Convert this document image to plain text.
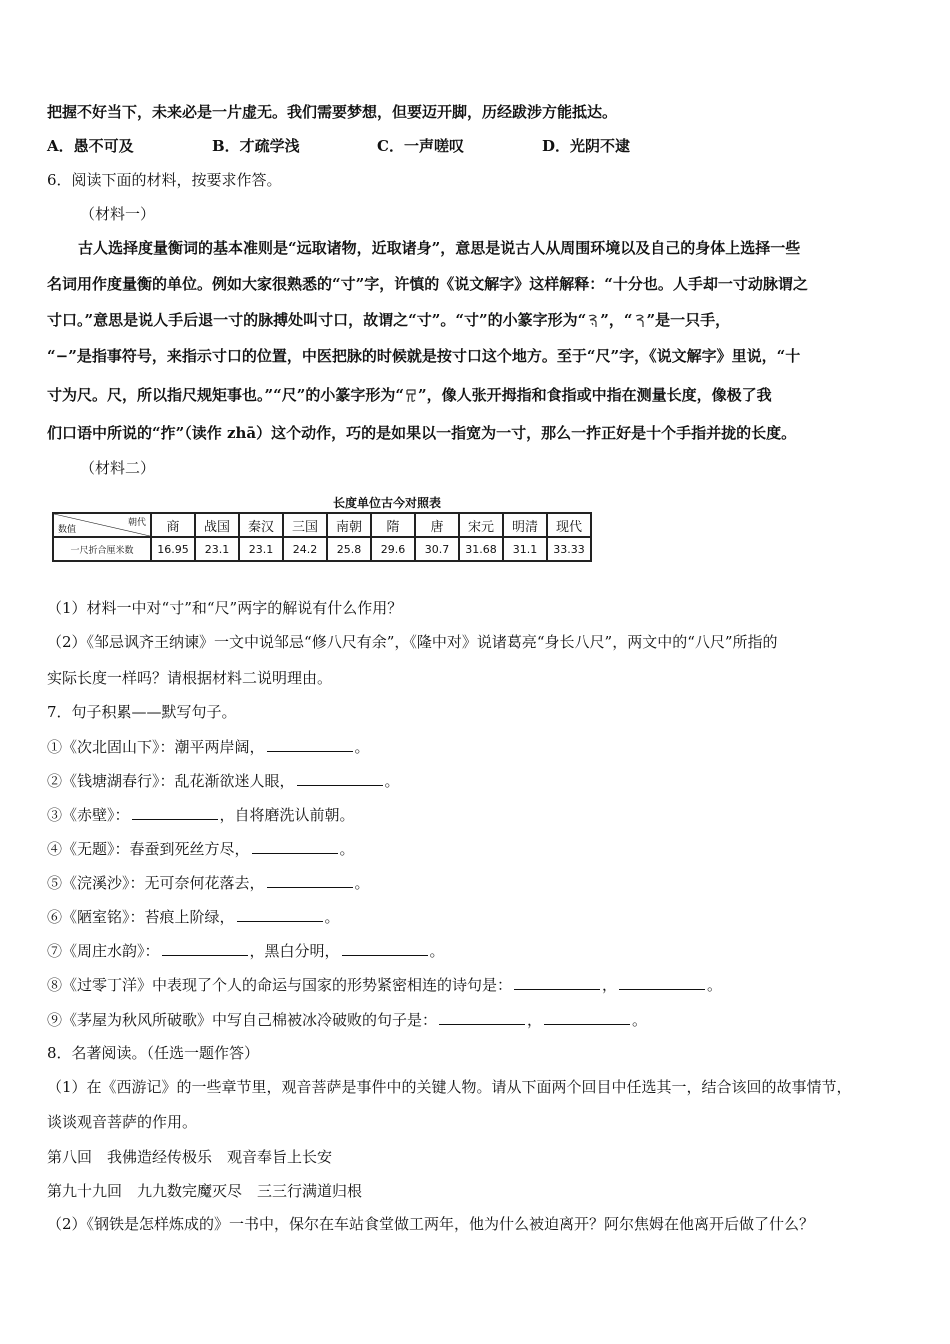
把握不好当下，未来必是一片虚无。我们需要梦想，但要迈开脚，历经跋涉方能抵达。
A．愚不可及	B．才疏学浅	C．一声嗟叹	D．光阴不逮
6．阅读下面的材料，按要求作答。
（材料一）
古人选择度量衡词的基本准则是“远取诸物，近取诸身”，意思是说古人从周围环境以及自己的身体上选择一些
名词用作度量衡的单位。例如大家很熟悉的“寸”字，许慎的《说文解字》这样解释：“十分也。人手却一寸动脉谓之
寸口。”意思是说人手后退一寸的脉搏处叫寸口，故谓之“寸”。“寸”的小篆字形为“ ”，“ ”是一只手，
“−”是指事符号，来指示寸口的位置，中医把脉的时候就是按寸口这个地方。至于“尺”字，《说文解字》里说，“十
寸为尺。尺，所以指尺规矩事也。”“尺”的小篆字形为“ ”，像人张开拇指和食指或中指在测量长度，像极了我
们口语中所说的“拃”（读作 zhā）这个动作，巧的是如果以一指宽为一寸，那么一拃正好是十个手指并拢的长度。
（材料二）
长度单位古今对照表
朝代
数值	商	战国	秦汉	三国	南朝	隋	唐	宋元	明清	现代
一尺折合厘米数	16.95	23.1	23.1	24.2	25.8	29.6	30.7	31.68	31.1	33.33
（1）材料一中对“寸”和“尺”两字的解说有什么作用？
（2）《邹忌讽齐王纳谏》一文中说邹忌“修八尺有余”，《隆中对》说诸葛亮“身长八尺”，两文中的“八尺”所指的
实际长度一样吗？请根据材料二说明理由。
7．句子积累——默写句子。
①《次北固山下》：潮平两岸阔，	。
②《钱塘湖春行》：乱花渐欲迷人眼，	。
③《赤壁》：	，自将磨洗认前朝。
④《无题》：春蚕到死丝方尽，	。
⑤《浣溪沙》：无可奈何花落去，	。
⑥《陋室铭》：苔痕上阶绿，	。
⑦《周庄水韵》：	，黑白分明，	。
⑧《过零丁洋》中表现了个人的命运与国家的形势紧密相连的诗句是：	，	。
⑨《茅屋为秋风所破歌》中写自己棉被冰冷破败的句子是：	，	。
8．名著阅读。（任选一题作答）
（1）在《西游记》的一些章节里，观音菩萨是事件中的关键人物。请从下面两个回目中任选其一，结合该回的故事情节，
谈谈观音菩萨的作用。
第八回　我佛造经传极乐　观音奉旨上长安
第九十九回　九九数完魔灭尽　三三行满道归根
（2）《钢铁是怎样炼成的》一书中，保尔在车站食堂做工两年，他为什么被迫离开？阿尔焦姆在他离开后做了什么？
